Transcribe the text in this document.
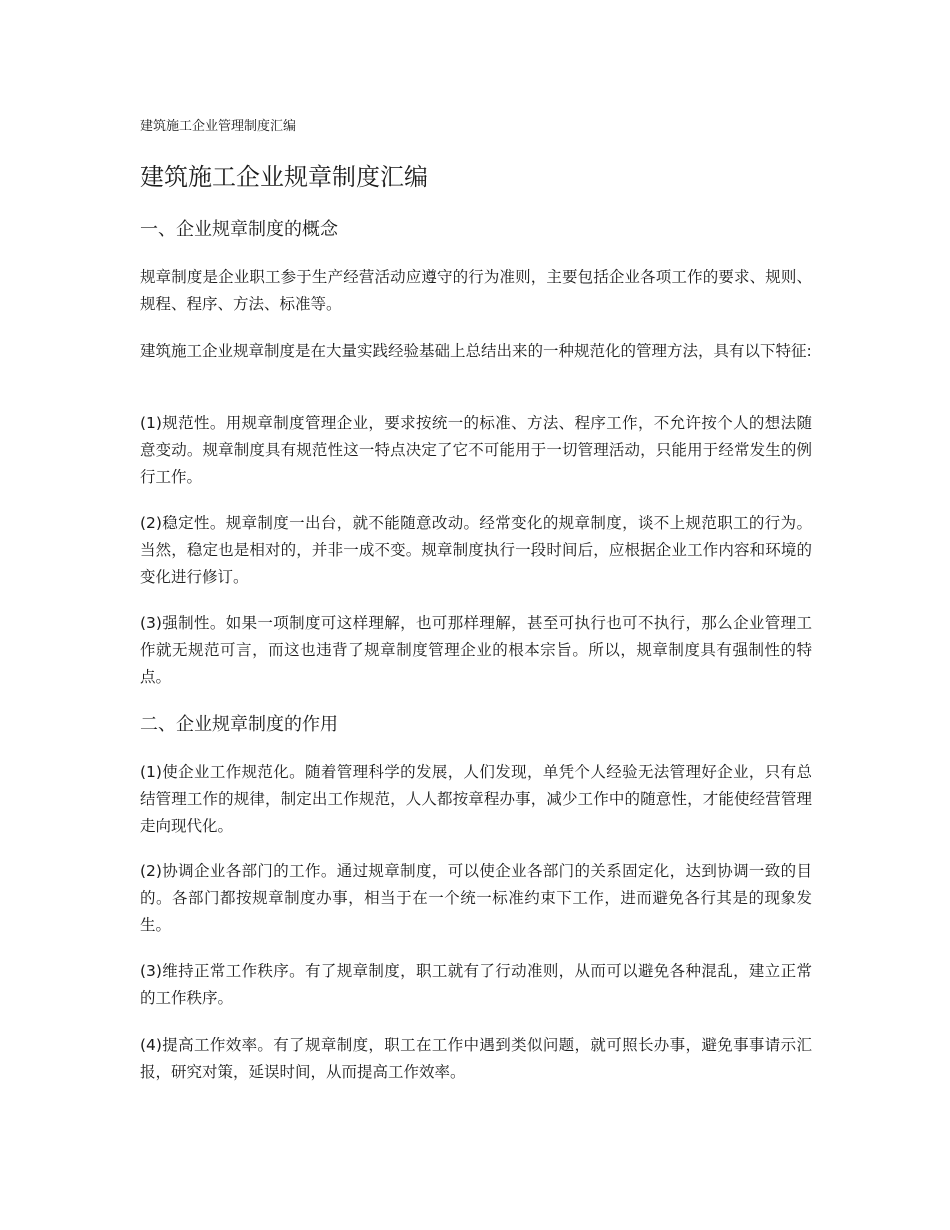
建筑施工企业管理制度汇编
建筑施工企业规章制度汇编
一、企业规章制度的概念

规章制度是企业职工参于生产经营活动应遵守的行为准则，主要包括企业各项工作的要求、规则、规程、程序、方法、标准等。

建筑施工企业规章制度是在大量实践经验基础上总结出来的一种规范化的管理方法，具有以下特征:

(1)规范性。用规章制度管理企业，要求按统一的标准、方法、程序工作，不允许按个人的想法随意变动。规章制度具有规范性这一特点决定了它不可能用于一切管理活动，只能用于经常发生的例行工作。

(2)稳定性。规章制度一出台，就不能随意改动。经常变化的规章制度，谈不上规范职工的行为。当然，稳定也是相对的，并非一成不变。规章制度执行一段时间后，应根据企业工作内容和环境的变化进行修订。

(3)强制性。如果一项制度可这样理解，也可那样理解，甚至可执行也可不执行，那么企业管理工作就无规范可言，而这也违背了规章制度管理企业的根本宗旨。所以，规章制度具有强制性的特点。

二、企业规章制度的作用

(1)使企业工作规范化。随着管理科学的发展，人们发现，单凭个人经验无法管理好企业，只有总结管理工作的规律，制定出工作规范，人人都按章程办事，减少工作中的随意性，才能使经营管理走向现代化。

(2)协调企业各部门的工作。通过规章制度，可以使企业各部门的关系固定化，达到协调一致的目的。各部门都按规章制度办事，相当于在一个统一标准约束下工作，进而避免各行其是的现象发生。

(3)维持正常工作秩序。有了规章制度，职工就有了行动准则，从而可以避免各种混乱，建立正常的工作秩序。

(4)提高工作效率。有了规章制度，职工在工作中遇到类似问题，就可照长办事，避免事事请示汇报，研究对策，延误时间，从而提高工作效率。
